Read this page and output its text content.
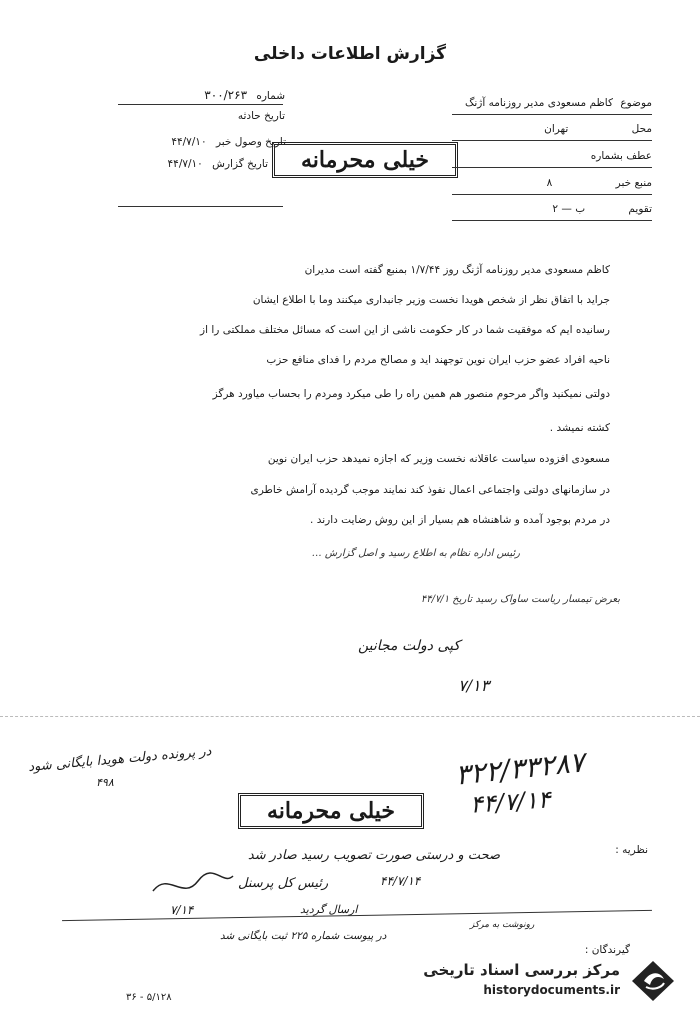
گزارش اطلاعات داخلی
شماره ۳۰۰/۲۶۳
تاریخ حادثه
تاریخ وصول خبر ۴۴/۷/۱۰
تاریخ گزارش ۴۴/۷/۱۰	خیلی محرمانه
موضوع کاظم مسعودی مدیر روزنامه آژنگ
محل تهران
عطف بشماره
منبع خبر ۸
تقویم ب — ۲
کاظم مسعودی مدیر روزنامه آژنگ روز ۱/۷/۴۴ بمنبع گفته است مدیران
جراید با اتفاق نظر از شخص هویدا نخست وزیر جانبداری میکنند وما با اطلاع ایشان
رسانیده ایم که موفقیت شما در کار حکومت ناشی از این است که مسائل مختلف مملکتی را از
ناحیه افراد عضو حزب ایران نوین توجهند اید و مصالح مردم را فدای منافع حزب
دولتی نمیکنید واگر مرحوم منصور هم همین راه را طی میکرد ومردم را بحساب میاورد هرگز
کشته نمیشد .
مسعودی افزوده سیاست عاقلانه نخست وزیر که اجازه نمیدهد حزب ایران نوین
در سازمانهای دولتی واجتماعی اعمال نفوذ کند نمایند موجب گردیده آرامش خاطری
در مردم بوجود آمده و شاهنشاه هم بسیار از این روش رضایت دارند .
رئیس اداره نظام به اطلاع رسید و اصل گزارش …
بعرض تیمسار ریاست ساواک رسید تاریخ ۴۴/۷/۱
کپی دولت مجانین
۷/۱۳
در پرونده دولت هویدا بایگانی شود
۴۹۸	۳۲۲/۳۳۲۸۷
۴۴/۷/۱۴
خیلی محرمانه
نظریه :
صحت و درستی صورت تصویب رسید صادر شد
۴۴/۷/۱۴
رئیس کل پرسنل
۷/۱۴	ارسال گردید
در پیوست شماره ۲۲۵ ثبت بایگانی شد
رونوشت به مرکز
گیرندگان :
۳۶ - ۵/۱۲۸
مرکز بررسی اسناد تاریخی
historydocuments.ir
